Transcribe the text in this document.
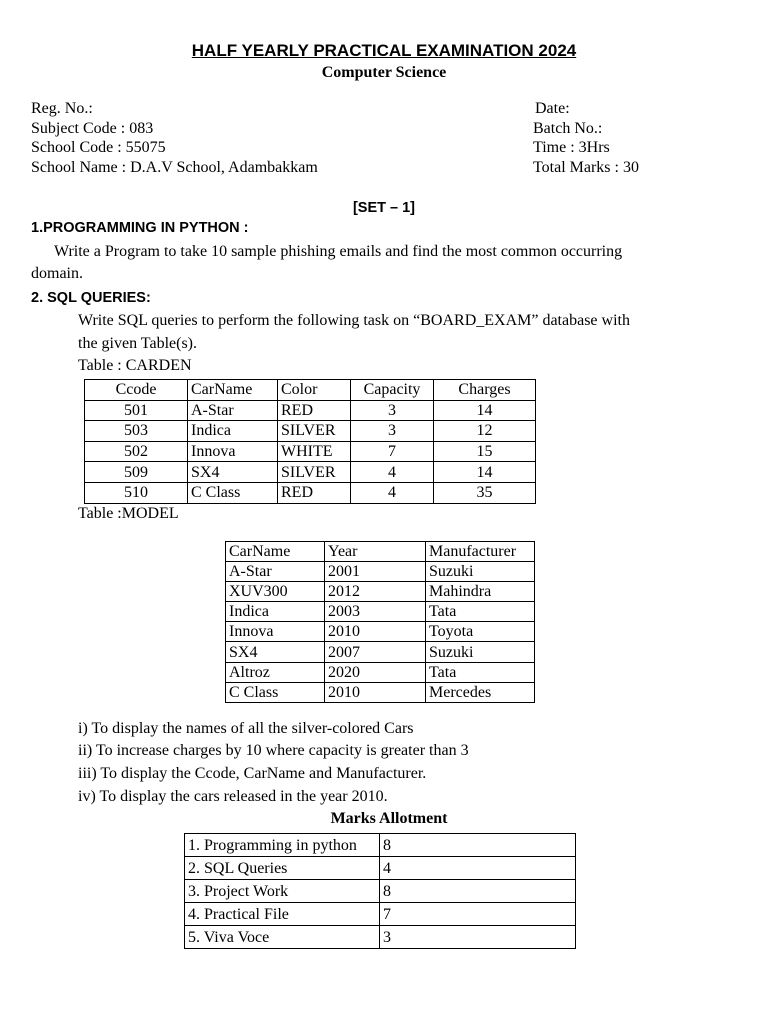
HALF YEARLY PRACTICAL EXAMINATION 2024
Computer Science
Reg. No.:
Subject Code : 083
School Code : 55075
School Name : D.A.V School, Adambakkam
Date:
Batch No.:
Time : 3Hrs
Total Marks : 30
[SET – 1]
1.PROGRAMMING IN PYTHON :
Write a Program to take 10 sample phishing emails and find the most common occurring
domain.
2. SQL QUERIES:
Write SQL queries to perform the following task on “BOARD_EXAM” database with
the given Table(s).
Table : CARDEN
Ccode	CarName	Color	Capacity	Charges
501	A-Star	RED	3	14
503	Indica	SILVER	3	12
502	Innova	WHITE	7	15
509	SX4	SILVER	4	14
510	C Class	RED	4	35
Table :MODEL
CarName	Year	Manufacturer
A-Star	2001	Suzuki
XUV300	2012	Mahindra
Indica	2003	Tata
Innova	2010	Toyota
SX4	2007	Suzuki
Altroz	2020	Tata
C Class	2010	Mercedes
i) To display the names of all the silver-colored Cars
ii) To increase charges by 10 where capacity is greater than 3
iii) To display the Ccode, CarName and Manufacturer.
iv) To display the cars released in the year 2010.
Marks Allotment
1. Programming in python	8
2. SQL Queries	4
3. Project Work	8
4. Practical File	7
5. Viva Voce	3
